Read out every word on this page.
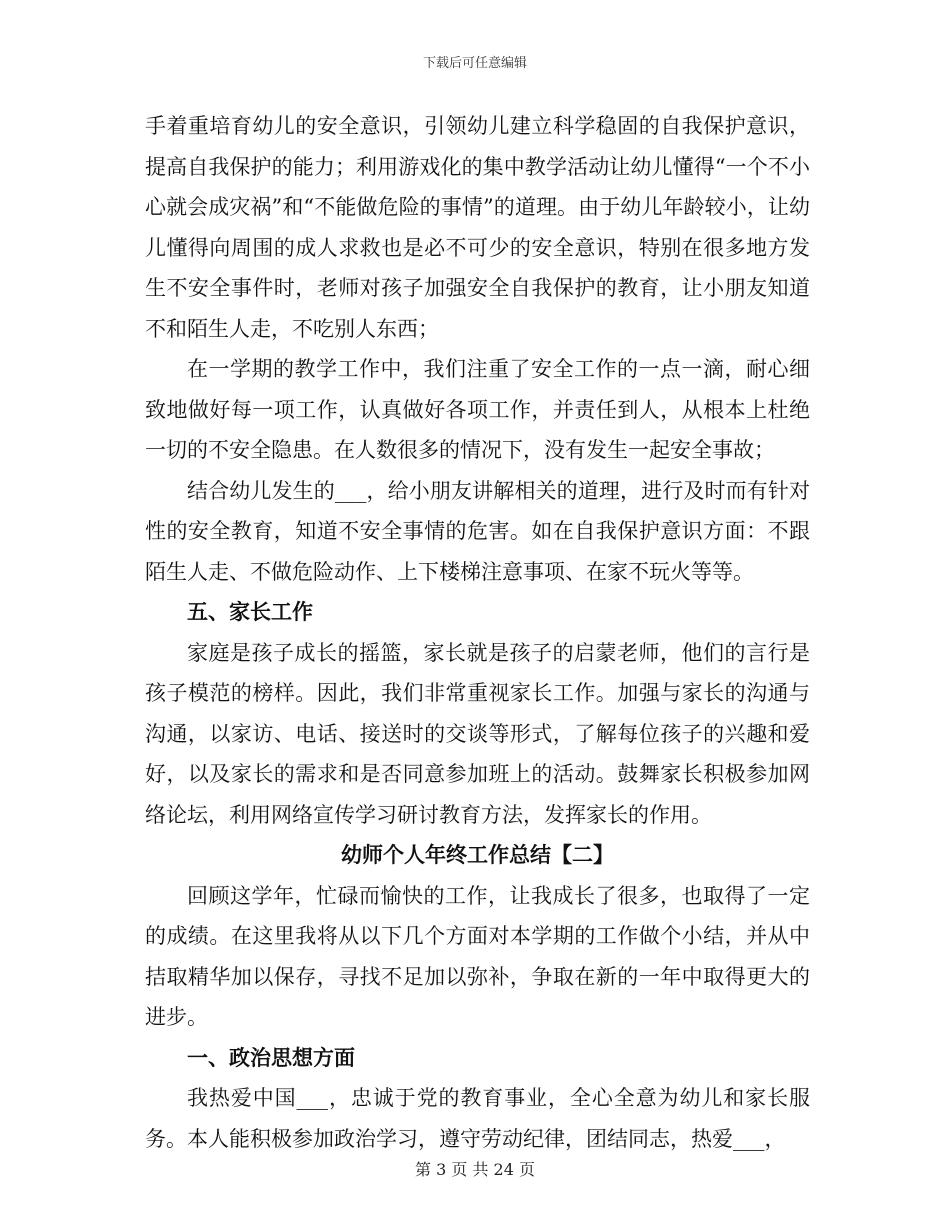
下载后可任意编辑

手着重培育幼儿的安全意识，引领幼儿建立科学稳固的自我保护意识，提高自我保护的能力；利用游戏化的集中教学活动让幼儿懂得“一个不小心就会成灾祸”和“不能做危险的事情”的道理。由于幼儿年龄较小，让幼儿懂得向周围的成人求救也是必不可少的安全意识，特别在很多地方发生不安全事件时，老师对孩子加强安全自我保护的教育，让小朋友知道不和陌生人走，不吃别人东西；

在一学期的教学工作中，我们注重了安全工作的一点一滴，耐心细致地做好每一项工作，认真做好各项工作，并责任到人，从根本上杜绝一切的不安全隐患。在人数很多的情况下，没有发生一起安全事故；

结合幼儿发生的___，给小朋友讲解相关的道理，进行及时而有针对性的安全教育，知道不安全事情的危害。如在自我保护意识方面：不跟陌生人走、不做危险动作、上下楼梯注意事项、在家不玩火等等。

五、家长工作

家庭是孩子成长的摇篮，家长就是孩子的启蒙老师，他们的言行是孩子模范的榜样。因此，我们非常重视家长工作。加强与家长的沟通与沟通，以家访、电话、接送时的交谈等形式，了解每位孩子的兴趣和爱好，以及家长的需求和是否同意参加班上的活动。鼓舞家长积极参加网络论坛，利用网络宣传学习研讨教育方法，发挥家长的作用。

幼师个人年终工作总结【二】

回顾这学年，忙碌而愉快的工作，让我成长了很多，也取得了一定的成绩。在这里我将从以下几个方面对本学期的工作做个小结，并从中拮取精华加以保存，寻找不足加以弥补，争取在新的一年中取得更大的进步。

一、政治思想方面

我热爱中国___，忠诚于党的教育事业，全心全意为幼儿和家长服务。本人能积极参加政治学习，遵守劳动纪律，团结同志，热爱___，

第 3 页 共 24 页
